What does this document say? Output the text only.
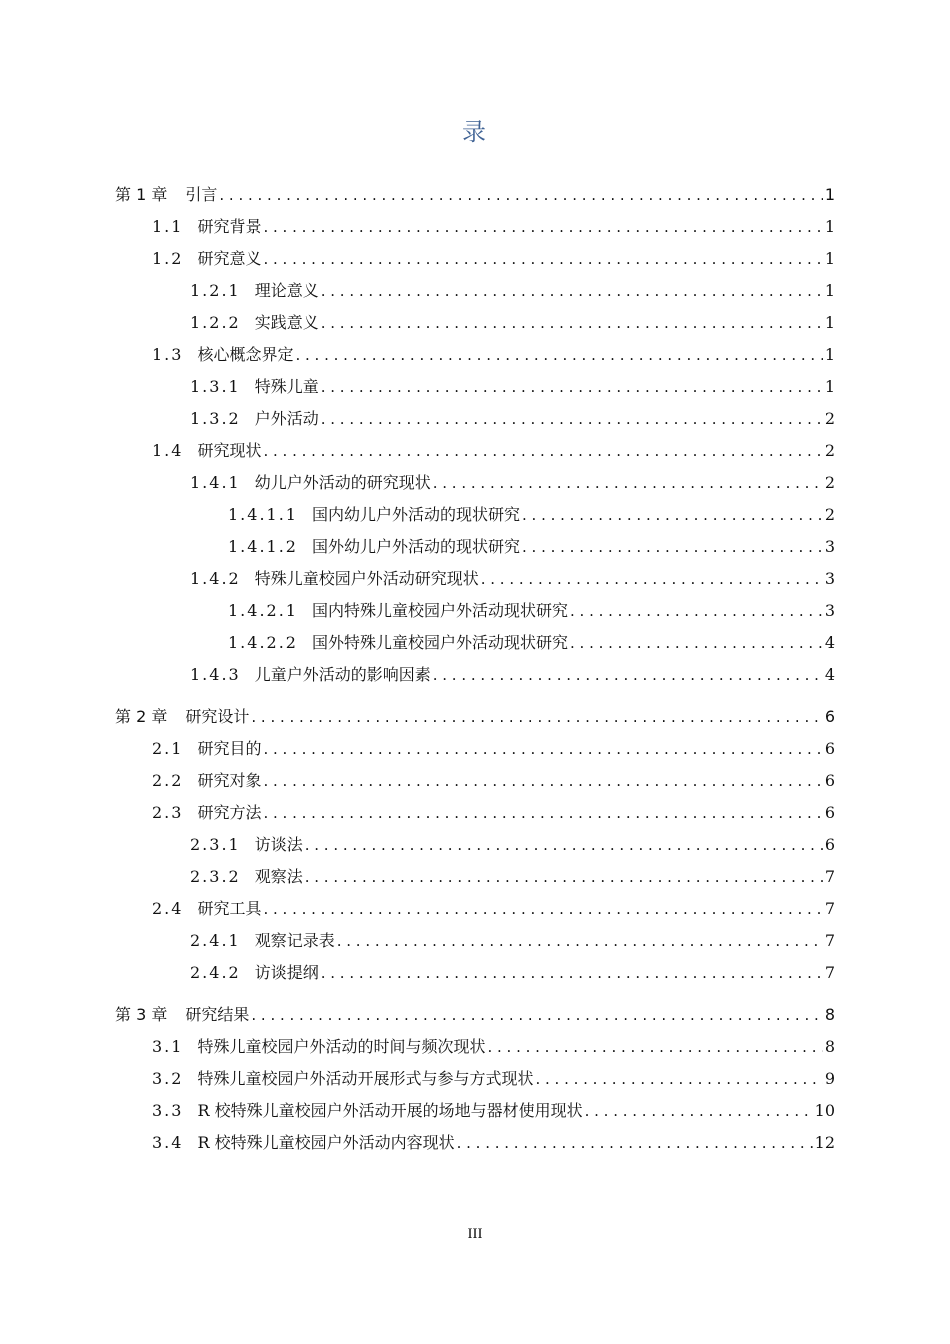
录
第 1 章 引言 . . .	1
1.1 研究背景 . . .	1
1.2 研究意义 . . .	1
1.2.1 理论意义 . . .	1
1.2.2 实践意义 . . .	1
1.3 核心概念界定 . . .	1
1.3.1 特殊儿童 . . .	1
1.3.2 户外活动 . . .	2
1.4 研究现状 . . .	2
1.4.1 幼儿户外活动的研究现状 . . .	2
1.4.1.1 国内幼儿户外活动的现状研究 . . .	2
1.4.1.2 国外幼儿户外活动的现状研究 . . .	3
1.4.2 特殊儿童校园户外活动研究现状 . . .	3
1.4.2.1 国内特殊儿童校园户外活动现状研究 . . .	3
1.4.2.2 国外特殊儿童校园户外活动现状研究 . . .	4
1.4.3 儿童户外活动的影响因素 . . .	4
第 2 章 研究设计 . . .	6
2.1 研究目的 . . .	6
2.2 研究对象 . . .	6
2.3 研究方法 . . .	6
2.3.1 访谈法 . . .	6
2.3.2 观察法 . . .	7
2.4 研究工具 . . .	7
2.4.1 观察记录表 . . .	7
2.4.2 访谈提纲 . . .	7
第 3 章 研究结果 . . .	8
3.1 特殊儿童校园户外活动的时间与频次现状 . . .	8
3.2 特殊儿童校园户外活动开展形式与参与方式现状 . . .	9
3.3 R 校特殊儿童校园户外活动开展的场地与器材使用现状 . . .	10
3.4 R 校特殊儿童校园户外活动内容现状 . . .	12
III
